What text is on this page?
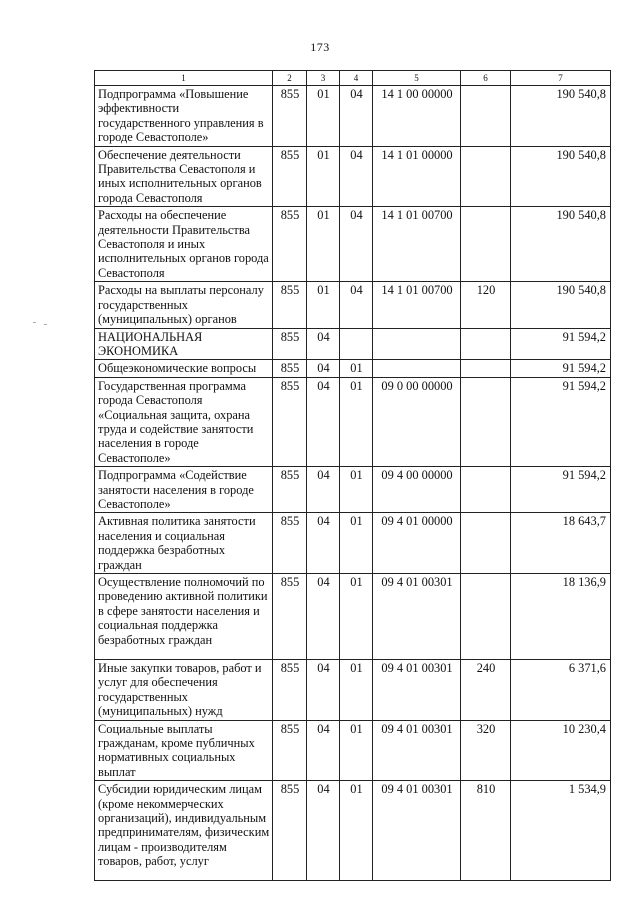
173
1	2	3	4	5	6	7
Подпрограмма «Повышение эффективности государственного управления в городе Севастополе»	855	01	04	14 1 00 00000		190 540,8
Обеспечение деятельности Правительства Севастополя и иных исполнительных органов города Севастополя	855	01	04	14 1 01 00000		190 540,8
Расходы на обеспечение деятельности Правительства Севастополя и иных исполнительных органов города Севастополя	855	01	04	14 1 01 00700		190 540,8
Расходы на выплаты персоналу государственных (муниципальных) органов	855	01	04	14 1 01 00700	120	190 540,8
НАЦИОНАЛЬНАЯ ЭКОНОМИКА	855	04				91 594,2
Общеэкономические вопросы	855	04	01			91 594,2
Государственная программа города Севастополя «Социальная защита, охрана труда и содействие занятости населения в городе Севастополе»	855	04	01	09 0 00 00000		91 594,2
Подпрограмма «Содействие занятости населения в городе Севастополе»	855	04	01	09 4 00 00000		91 594,2
Активная политика занятости населения и социальная поддержка безработных граждан	855	04	01	09 4 01 00000		18 643,7
Осуществление полномочий по проведению активной политики в сфере занятости населения и социальная поддержка безработных граждан	855	04	01	09 4 01 00301		18 136,9
Иные закупки товаров, работ и услуг для обеспечения государственных (муниципальных) нужд	855	04	01	09 4 01 00301	240	6 371,6
Социальные выплаты гражданам, кроме публичных нормативных социальных выплат	855	04	01	09 4 01 00301	320	10 230,4
Субсидии юридическим лицам (кроме некоммерческих организаций), индивидуальным предпринимателям, физическим лицам - производителям товаров, работ, услуг	855	04	01	09 4 01 00301	810	1 534,9
